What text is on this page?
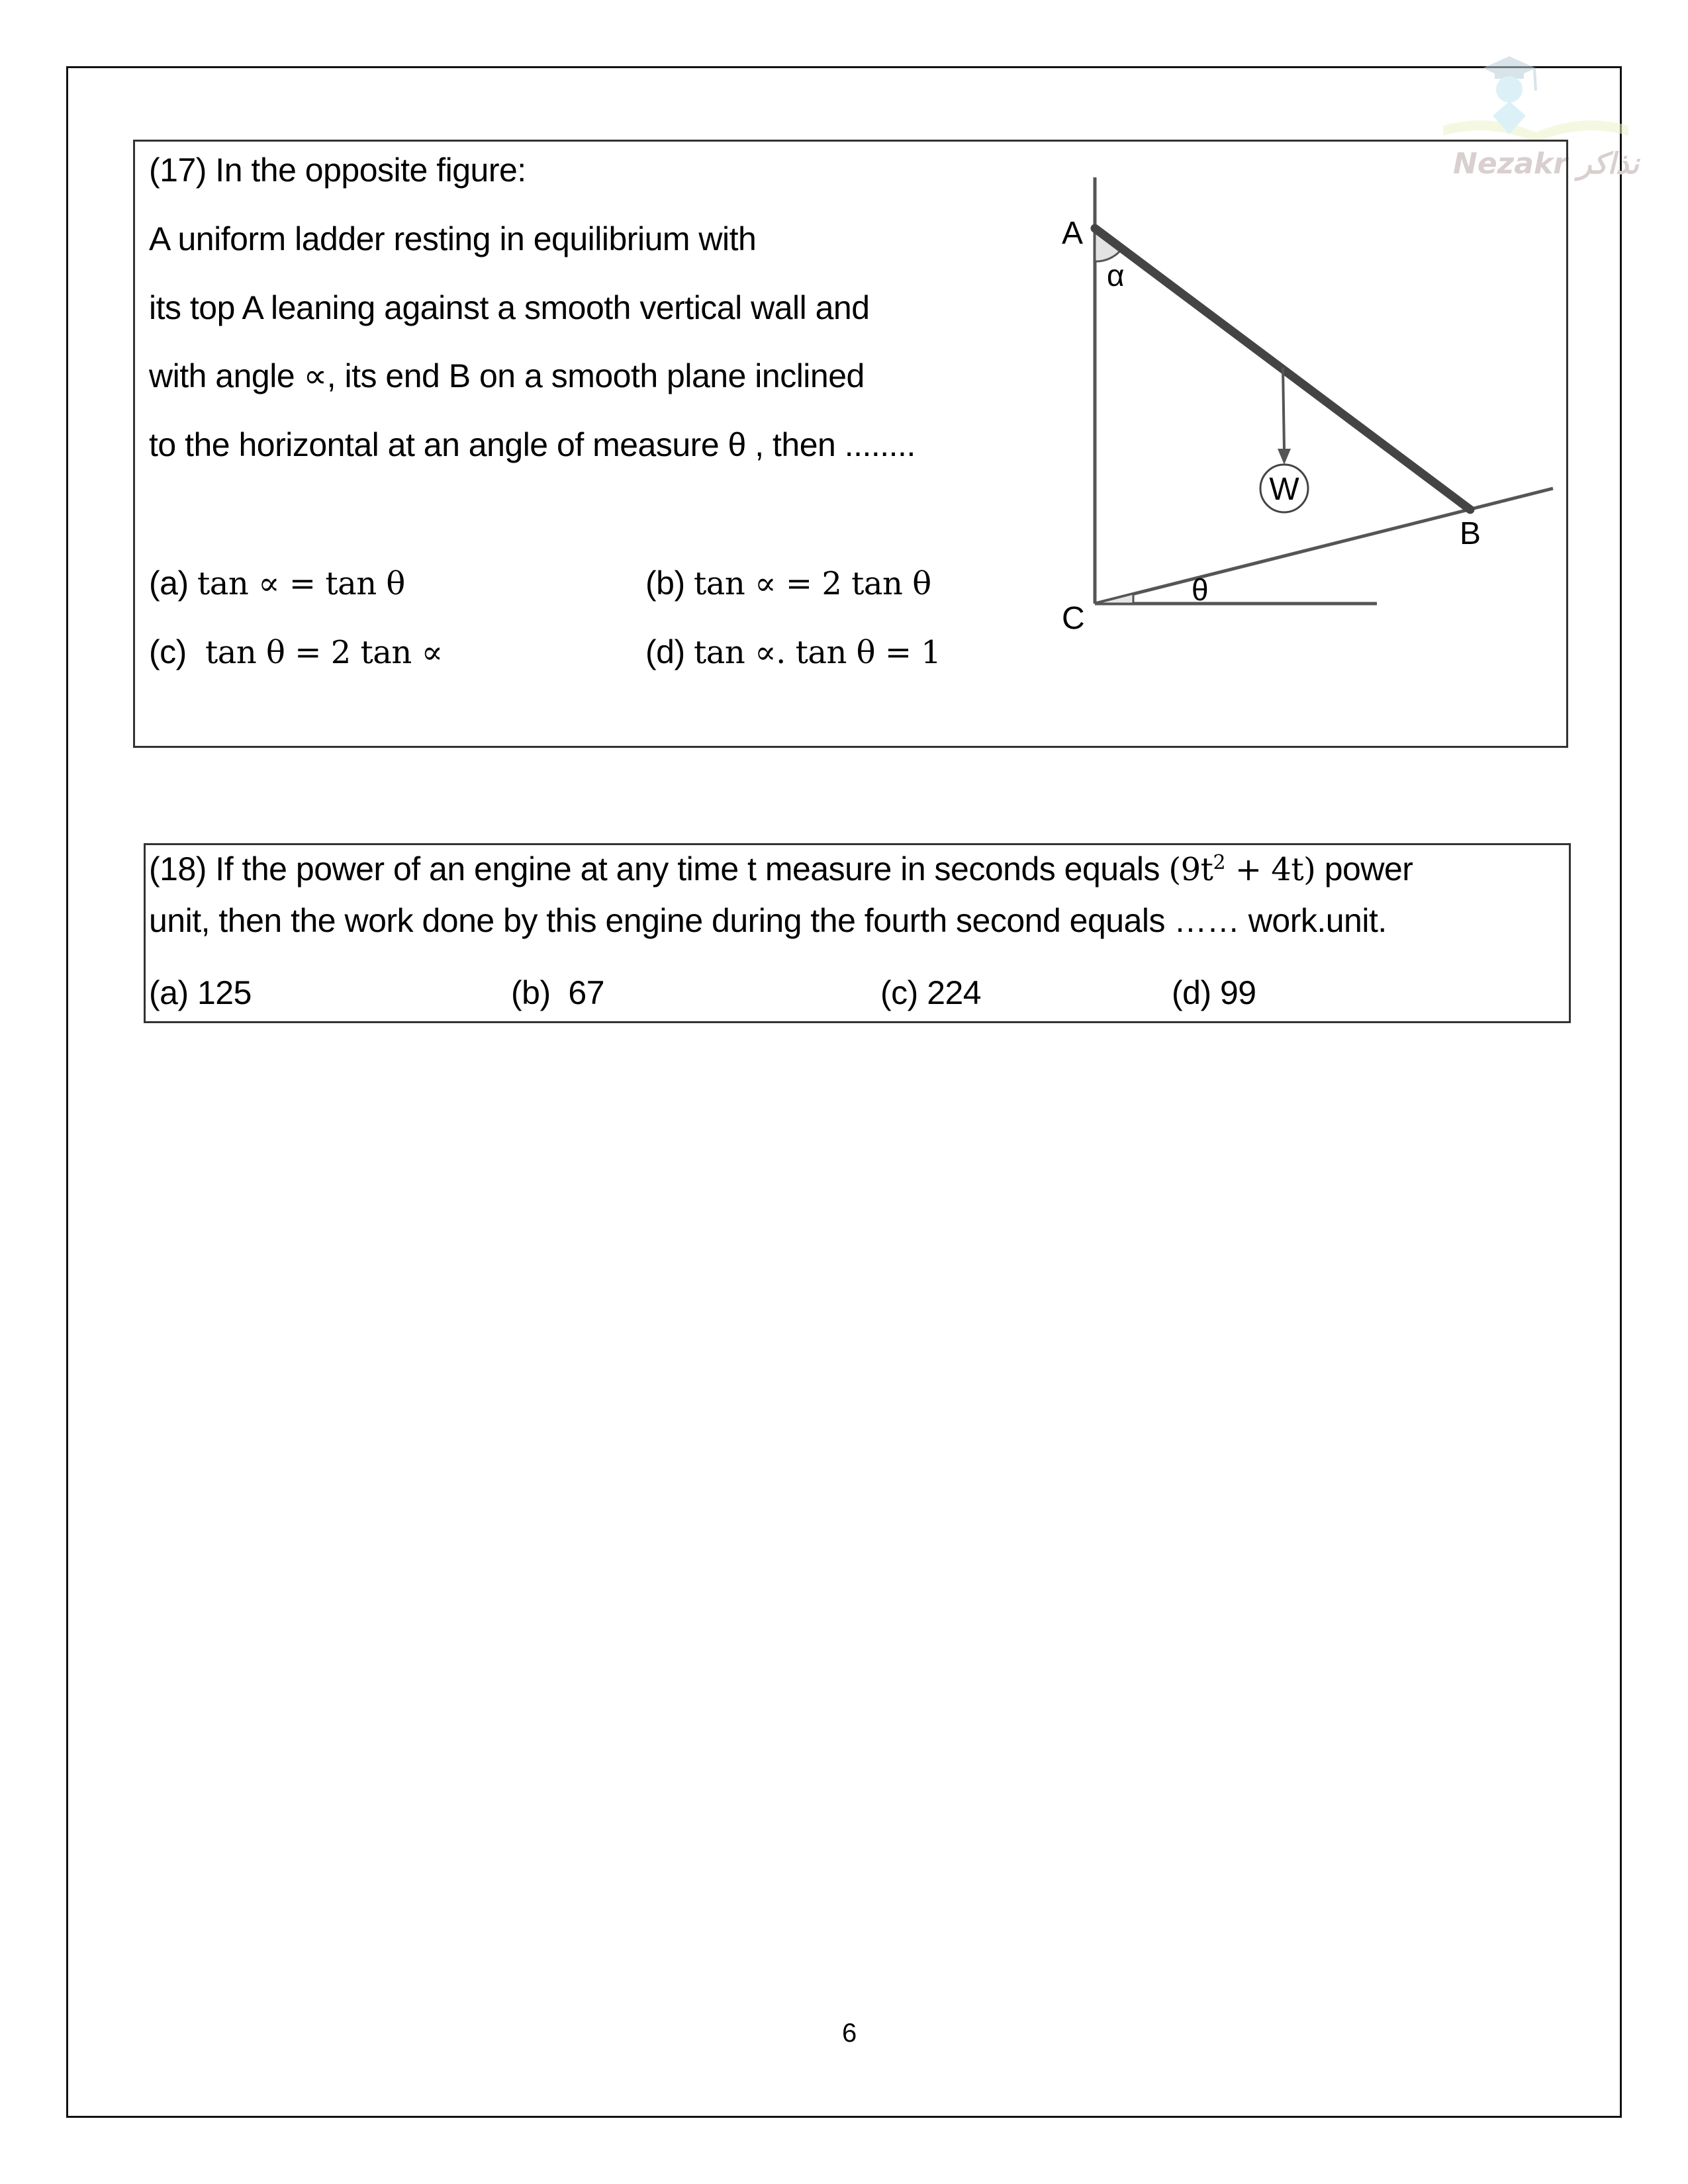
Nezakr نذاكر
(17) In the opposite figure:
A uniform ladder resting in equilibrium with
its top A leaning against a smooth vertical wall and
with angle ∝, its end B on a smooth plane inclined
to the horizontal at an angle of measure θ , then ........
(a) tan ∝ = tan θ	(b) tan ∝ = 2 tan θ
(c)  tan θ = 2 tan ∝	(d) tan ∝. tan θ = 1
W
A
α
B
C
θ
(18) If the power of an engine at any time t measure in seconds equals $(9t^2 + 4t)$ power
unit, then the work done by this engine during the fourth second equals …… work.unit.
(a) 125	(b)  67	(c) 224	(d) 99
6
